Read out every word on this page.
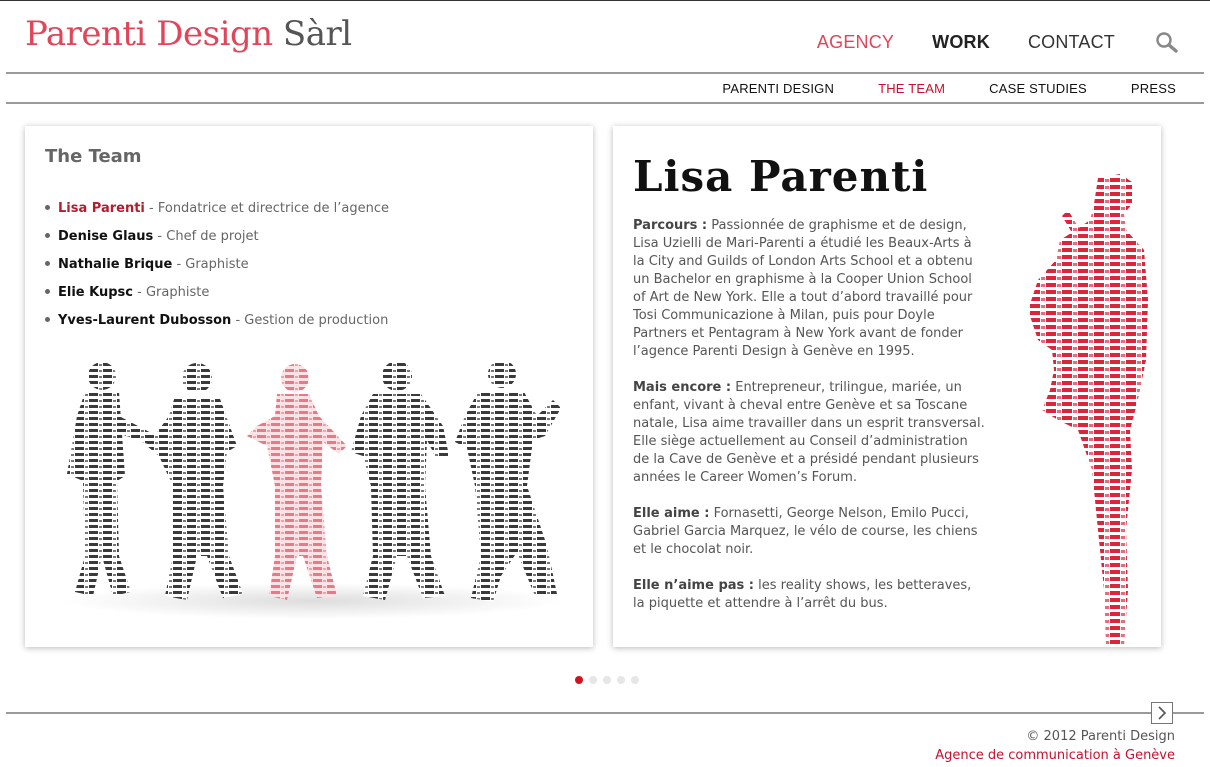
Parenti Design Sàrl	AGENCY WORK CONTACT
PARENTI DESIGN	THE TEAM	CASE STUDIES	PRESS
The Team
Lisa Parenti - Fondatrice et directrice de l’agence
Denise Glaus - Chef de projet
Nathalie Brique - Graphiste
Elie Kupsc - Graphiste
Yves-Laurent Dubosson - Gestion de production
Lisa Parenti

Parcours : Passionnée de graphisme et de design, Lisa Uzielli de Mari-Parenti a étudié les Beaux-Arts à la City and Guilds of London Arts School et a obtenu un Bachelor en graphisme à la Cooper Union School of Art de New York. Elle a tout d’abord travaillé pour Tosi Communicazione à Milan, puis pour Doyle Partners et Pentagram à New York avant de fonder l’agence Parenti Design à Genève en 1995.

Mais encore : Entrepreneur, trilingue, mariée, un enfant, vivant à cheval entre Genève et sa Toscane natale, Lisa aime travailler dans un esprit transversal. Elle siège actuellement au Conseil d’administration de la Cave de Genève et a présidé pendant plusieurs années le Career Women’s Forum.

Elle aime : Fornasetti, George Nelson, Emilo Pucci, Gabriel Garcia Marquez, le vélo de course, les chiens et le chocolat noir.

Elle n’aime pas : les reality shows, les betteraves, la piquette et attendre à l’arrêt du bus.

© 2012 Parenti Design
Agence de communication à Genève
